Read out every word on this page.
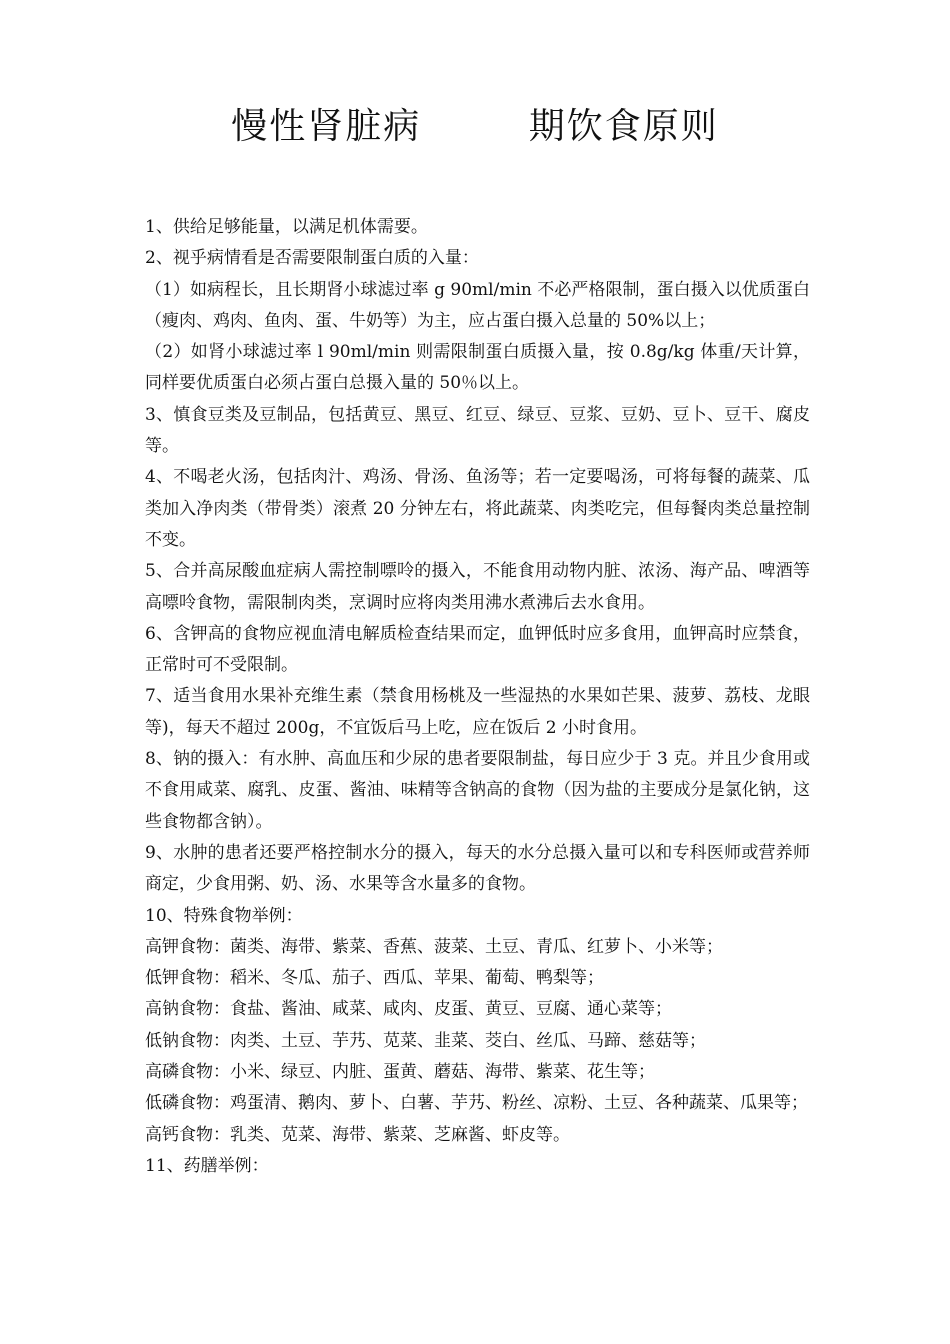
慢性肾脏病        期饮食原则

1、供给足够能量，以满足机体需要。

2、视乎病情看是否需要限制蛋白质的入量：

（1）如病程长，且长期肾小球滤过率 g 90ml/min 不必严格限制，蛋白摄入以优质蛋白（瘦肉、鸡肉、鱼肉、蛋、牛奶等）为主，应占蛋白摄入总量的 50%以上；

（2）如肾小球滤过率 l 90ml/min 则需限制蛋白质摄入量，按 0.8g/kg 体重/天计算，同样要优质蛋白必须占蛋白总摄入量的 50％以上。

3、慎食豆类及豆制品，包括黄豆、黑豆、红豆、绿豆、豆浆、豆奶、豆卜、豆干、腐皮等。

4、不喝老火汤，包括肉汁、鸡汤、骨汤、鱼汤等；若一定要喝汤，可将每餐的蔬菜、瓜类加入净肉类（带骨类）滚煮 20 分钟左右，将此蔬菜、肉类吃完，但每餐肉类总量控制不变。

5、合并高尿酸血症病人需控制嘌呤的摄入，不能食用动物内脏、浓汤、海产品、啤酒等高嘌呤食物，需限制肉类，烹调时应将肉类用沸水煮沸后去水食用。

6、含钾高的食物应视血清电解质检查结果而定，血钾低时应多食用，血钾高时应禁食，正常时可不受限制。

7、适当食用水果补充维生素（禁食用杨桃及一些湿热的水果如芒果、菠萝、荔枝、龙眼等)，每天不超过 200g，不宜饭后马上吃，应在饭后 2 小时食用。

8、钠的摄入：有水肿、高血压和少尿的患者要限制盐，每日应少于 3 克。并且少食用或不食用咸菜、腐乳、皮蛋、酱油、味精等含钠高的食物（因为盐的主要成分是氯化钠，这些食物都含钠）。

9、水肿的患者还要严格控制水分的摄入，每天的水分总摄入量可以和专科医师或营养师商定，少食用粥、奶、汤、水果等含水量多的食物。

10、特殊食物举例：

高钾食物：菌类、海带、紫菜、香蕉、菠菜、土豆、青瓜、红萝卜、小米等；

低钾食物：稻米、冬瓜、茄子、西瓜、苹果、葡萄、鸭梨等；

高钠食物：食盐、酱油、咸菜、咸肉、皮蛋、黄豆、豆腐、通心菜等；

低钠食物：肉类、土豆、芋艿、苋菜、韭菜、茭白、丝瓜、马蹄、慈菇等；

高磷食物：小米、绿豆、内脏、蛋黄、蘑菇、海带、紫菜、花生等；

低磷食物：鸡蛋清、鹅肉、萝卜、白薯、芋艿、粉丝、凉粉、土豆、各种蔬菜、瓜果等；

高钙食物：乳类、苋菜、海带、紫菜、芝麻酱、虾皮等。

11、药膳举例：
